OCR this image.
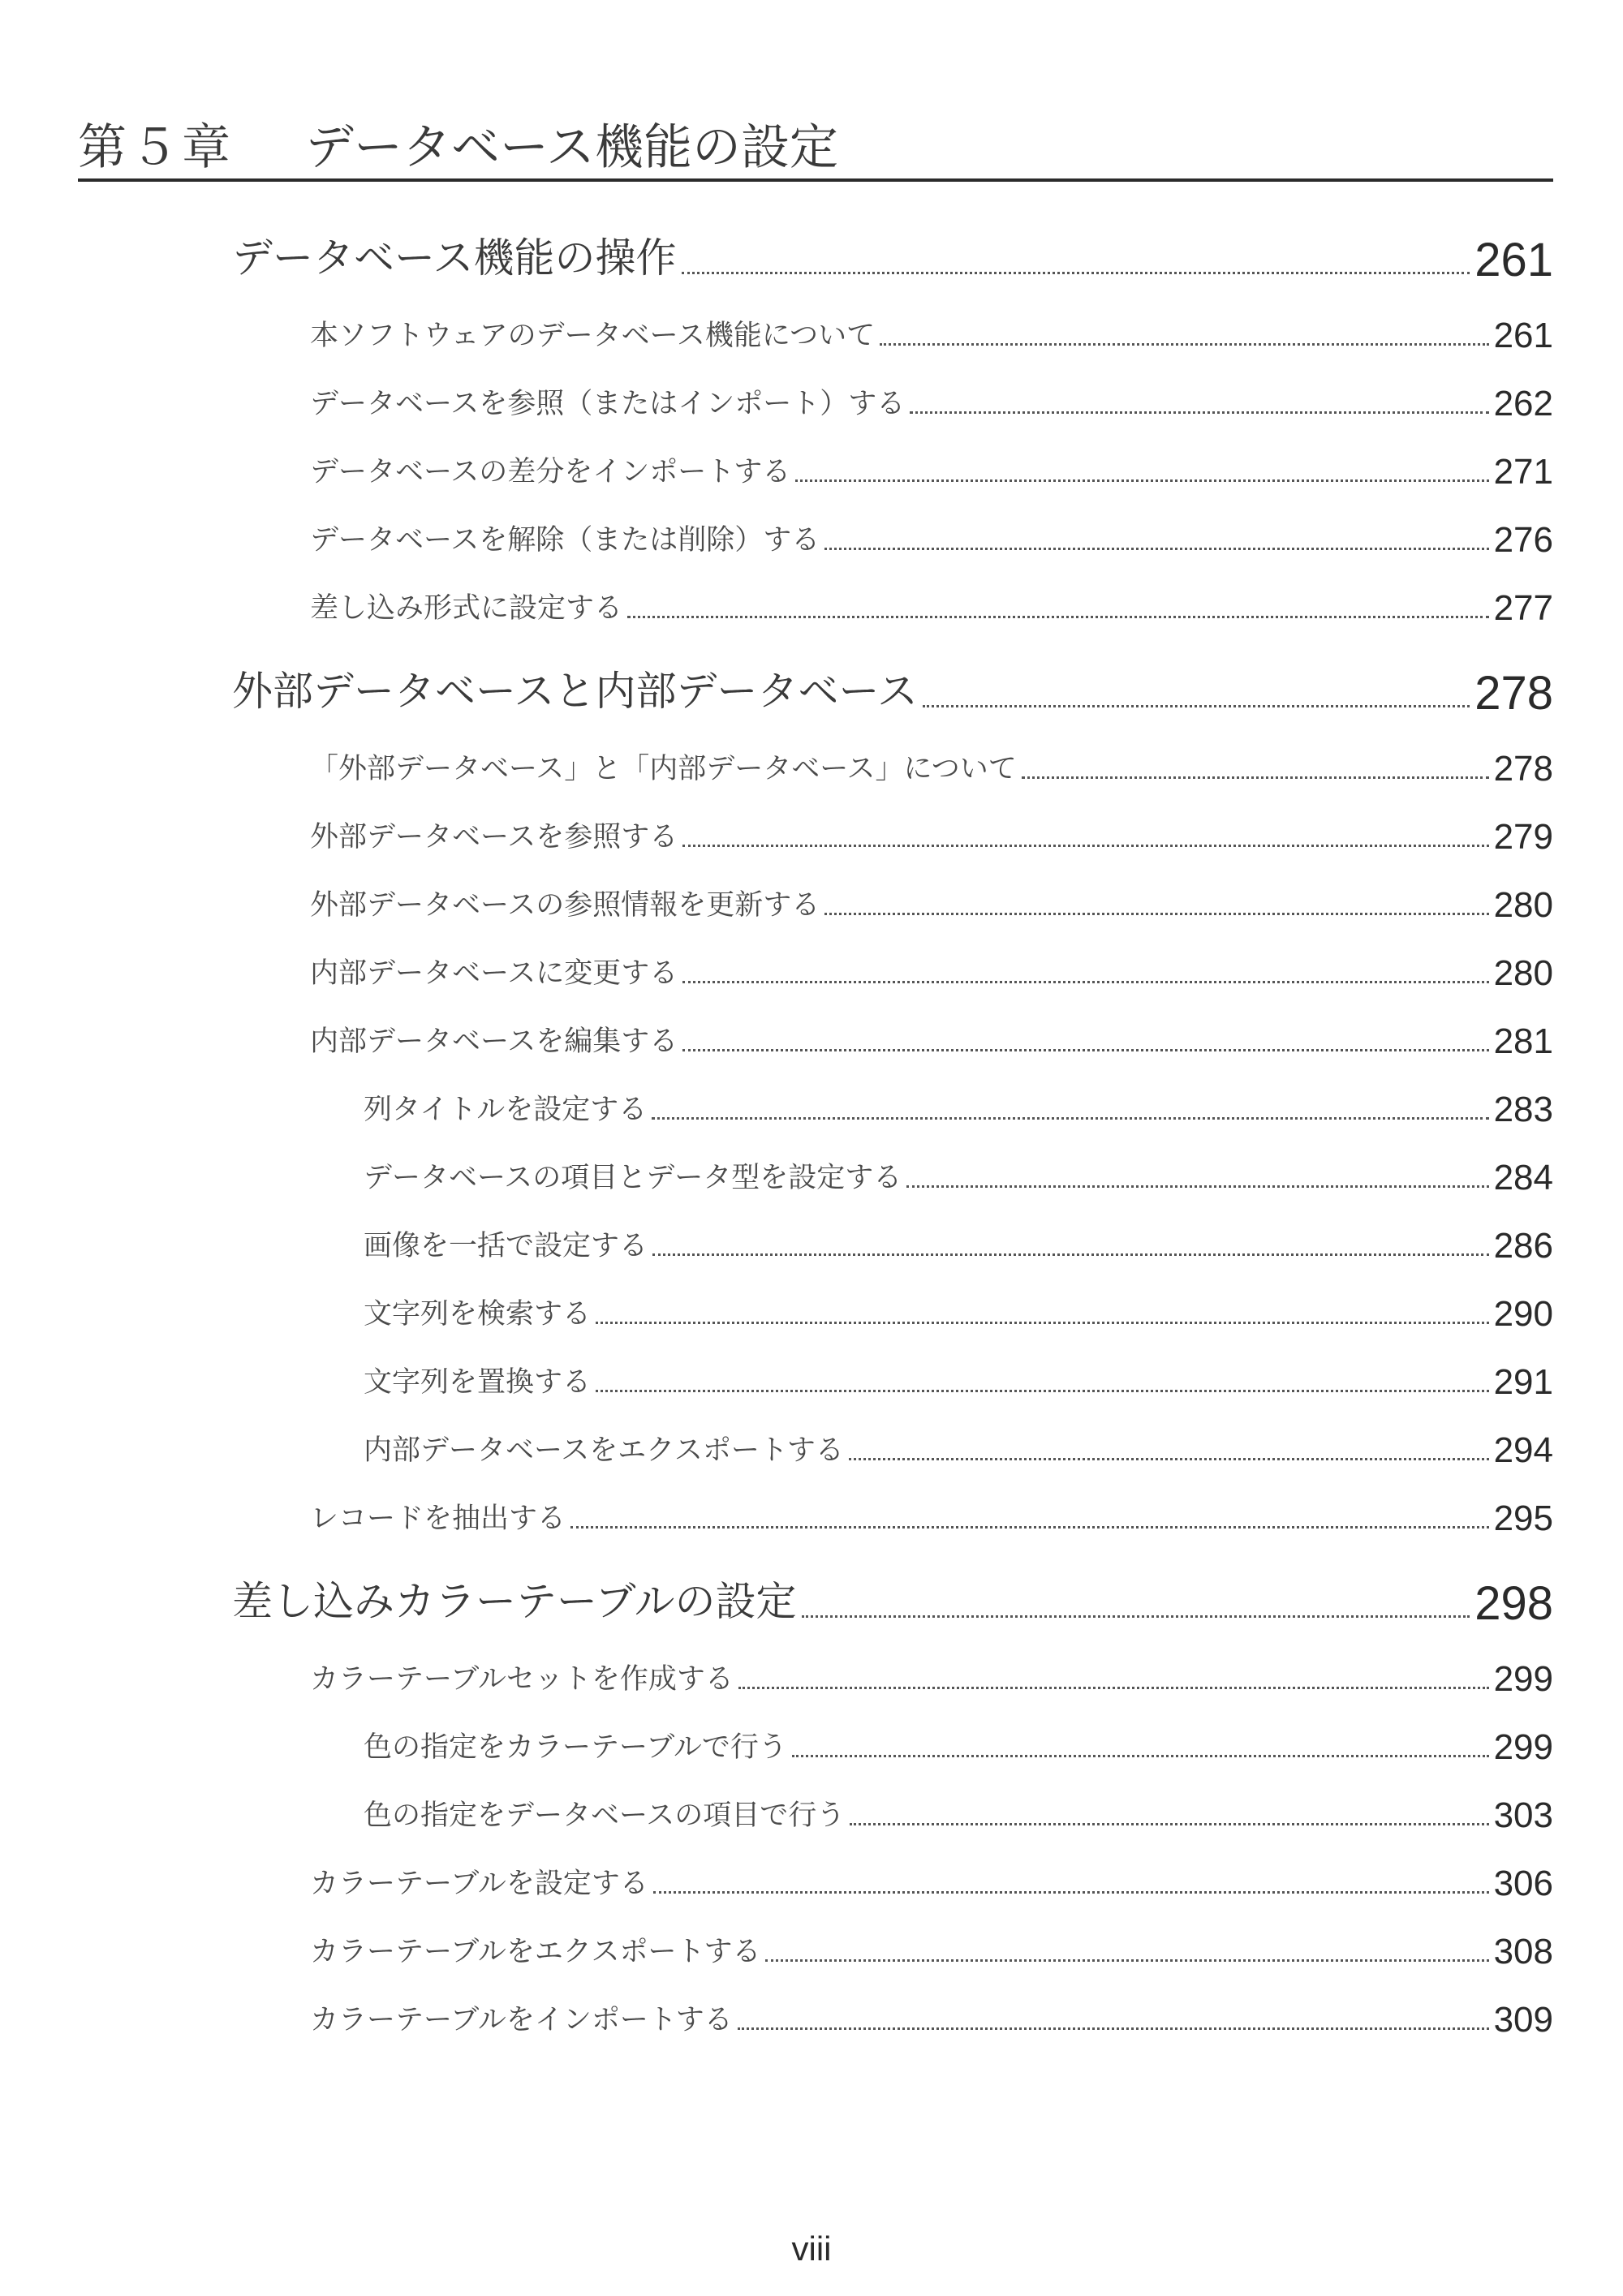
第５章 データベース機能の設定
データベース機能の操作	261
本ソフトウェアのデータベース機能について	261
データベースを参照（またはインポート）する	262
データベースの差分をインポートする	271
データベースを解除（または削除）する	276
差し込み形式に設定する	277
外部データベースと内部データベース	278
「外部データベース」と「内部データベース」について	278
外部データベースを参照する	279
外部データベースの参照情報を更新する	280
内部データベースに変更する	280
内部データベースを編集する	281
列タイトルを設定する	283
データベースの項目とデータ型を設定する	284
画像を一括で設定する	286
文字列を検索する	290
文字列を置換する	291
内部データベースをエクスポートする	294
レコードを抽出する	295
差し込みカラーテーブルの設定	298
カラーテーブルセットを作成する	299
色の指定をカラーテーブルで行う	299
色の指定をデータベースの項目で行う	303
カラーテーブルを設定する	306
カラーテーブルをエクスポートする	308
カラーテーブルをインポートする	309
viii
